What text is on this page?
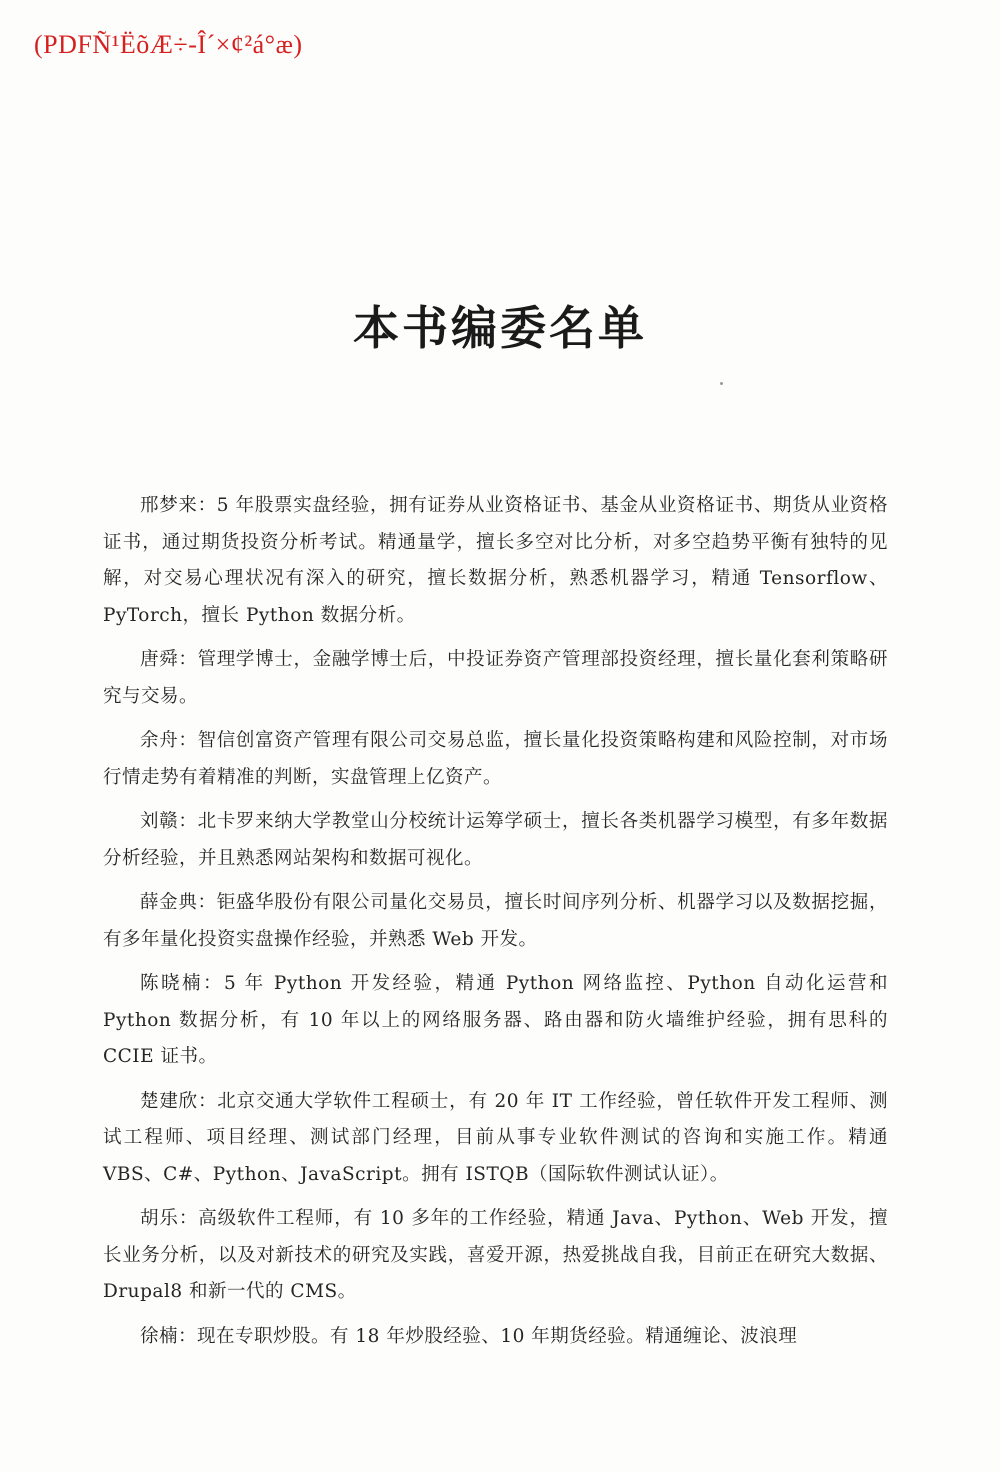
(PDFÑ¹ËõÆ÷-Î´×¢²á°æ)
本书编委名单

邢梦来：5 年股票实盘经验，拥有证券从业资格证书、基金从业资格证书、期货从业资格证书，通过期货投资分析考试。精通量学，擅长多空对比分析，对多空趋势平衡有独特的见解，对交易心理状况有深入的研究，擅长数据分析，熟悉机器学习，精通 Tensorflow、PyTorch，擅长 Python 数据分析。

唐舜：管理学博士，金融学博士后，中投证券资产管理部投资经理，擅长量化套利策略研究与交易。

余舟：智信创富资产管理有限公司交易总监，擅长量化投资策略构建和风险控制，对市场行情走势有着精准的判断，实盘管理上亿资产。

刘赣：北卡罗来纳大学教堂山分校统计运筹学硕士，擅长各类机器学习模型，有多年数据分析经验，并且熟悉网站架构和数据可视化。

薛金典：钜盛华股份有限公司量化交易员，擅长时间序列分析、机器学习以及数据挖掘，有多年量化投资实盘操作经验，并熟悉 Web 开发。

陈晓楠：5 年 Python 开发经验，精通 Python 网络监控、Python 自动化运营和 Python 数据分析，有 10 年以上的网络服务器、路由器和防火墙维护经验，拥有思科的 CCIE 证书。

楚建欣：北京交通大学软件工程硕士，有 20 年 IT 工作经验，曾任软件开发工程师、测试工程师、项目经理、测试部门经理，目前从事专业软件测试的咨询和实施工作。精通 VBS、C#、Python、JavaScript。拥有 ISTQB（国际软件测试认证）。

胡乐：高级软件工程师，有 10 多年的工作经验，精通 Java、Python、Web 开发，擅长业务分析，以及对新技术的研究及实践，喜爱开源，热爱挑战自我，目前正在研究大数据、Drupal8 和新一代的 CMS。

徐楠：现在专职炒股。有 18 年炒股经验、10 年期货经验。精通缠论、波浪理
